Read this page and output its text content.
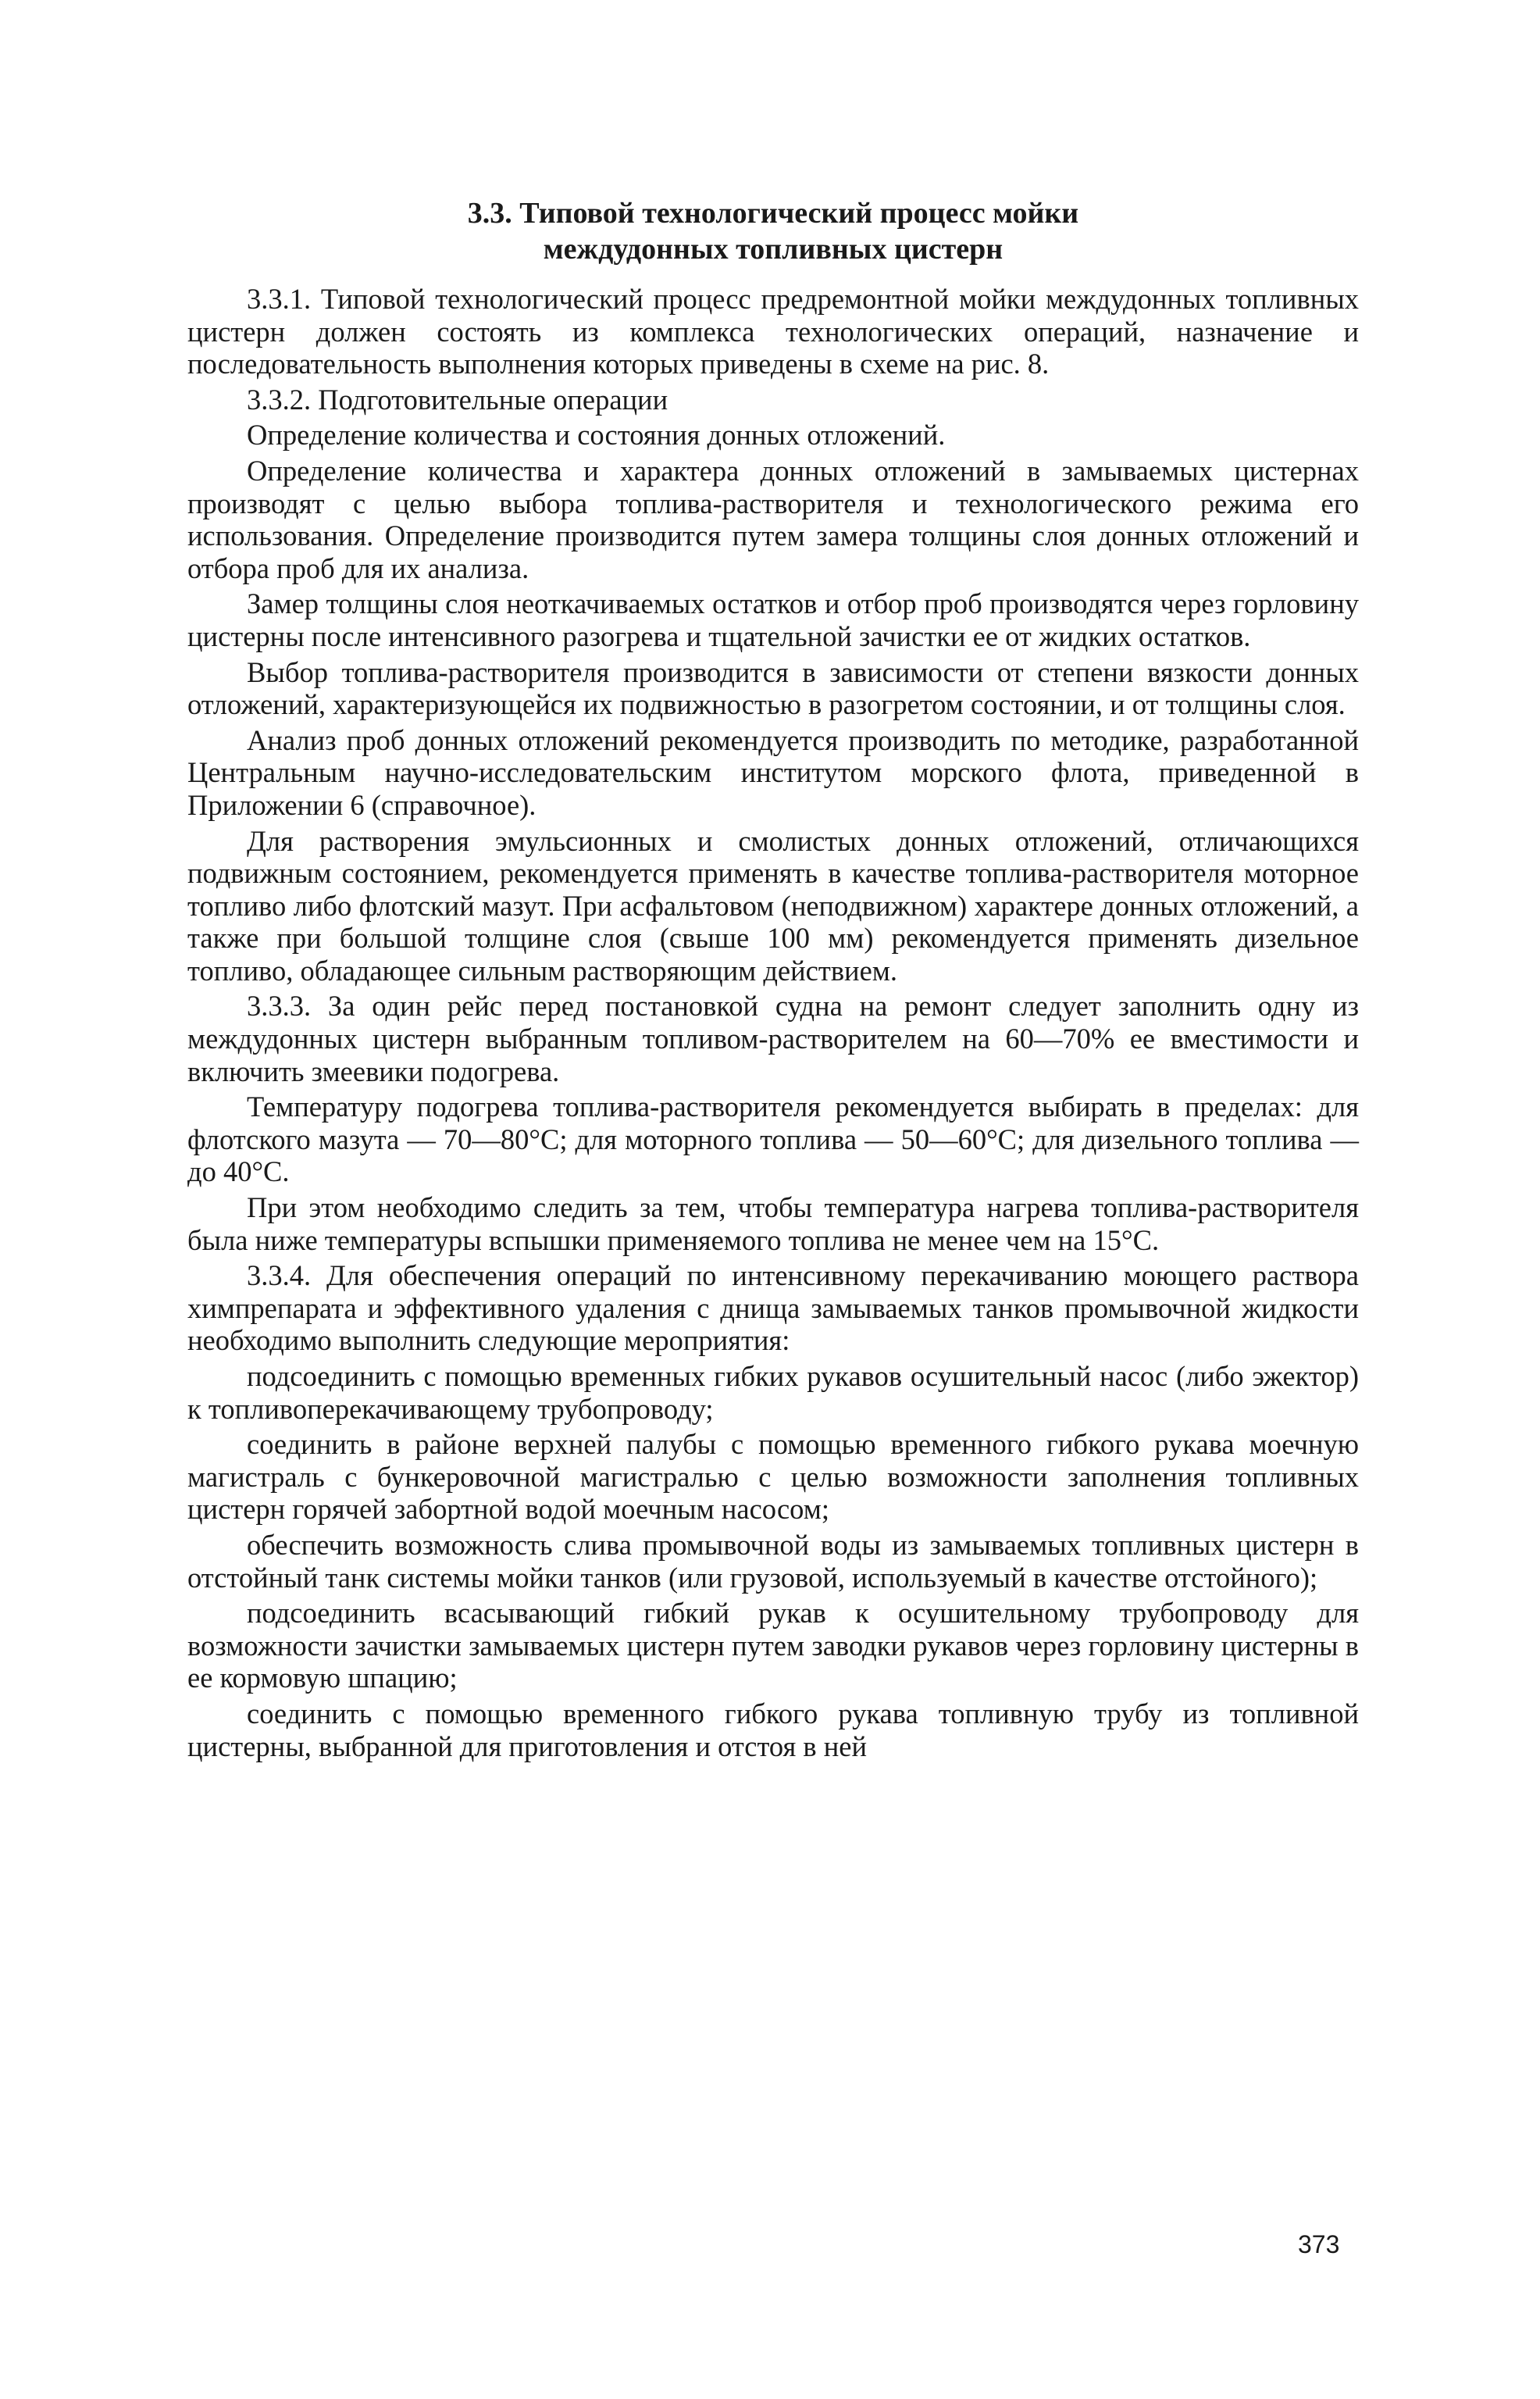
3.3. Типовой технологический процесс мойки
междудонных топливных цистерн

3.3.1. Типовой технологический процесс предремонтной мойки междудонных топливных цистерн должен состоять из комплекса технологических операций, назначение и последовательность выполнения которых приведены в схеме на рис. 8.

3.3.2. Подготовительные операции

Определение количества и состояния донных отложений.

Определение количества и характера донных отложений в замываемых цистернах производят с целью выбора топлива-растворителя и технологического режима его использования. Определение производится путем замера толщины слоя донных отложений и отбора проб для их анализа.

Замер толщины слоя неоткачиваемых остатков и отбор проб производятся через горловину цистерны после интенсивного разогрева и тщательной зачистки ее от жидких остатков.

Выбор топлива-растворителя производится в зависимости от степени вязкости донных отложений, характеризующейся их подвижностью в разогретом состоянии, и от толщины слоя.

Анализ проб донных отложений рекомендуется производить по методике, разработанной Центральным научно-исследовательским институтом морского флота, приведенной в Приложении 6 (справочное).

Для растворения эмульсионных и смолистых донных отложений, отличающихся подвижным состоянием, рекомендуется применять в качестве топлива-растворителя моторное топливо либо флотский мазут. При асфальтовом (неподвижном) характере донных отложений, а также при большой толщине слоя (свыше 100 мм) рекомендуется применять дизельное топливо, обладающее сильным растворяющим действием.

3.3.3. За один рейс перед постановкой судна на ремонт следует заполнить одну из междудонных цистерн выбранным топливом-растворителем на 60—70% ее вместимости и включить змеевики подогрева.

Температуру подогрева топлива-растворителя рекомендуется выбирать в пределах: для флотского мазута — 70—80°С; для моторного топлива — 50—60°С; для дизельного топлива — до 40°С.

При этом необходимо следить за тем, чтобы температура нагрева топлива-растворителя была ниже температуры вспышки применяемого топлива не менее чем на 15°С.

3.3.4. Для обеспечения операций по интенсивному перекачиванию моющего раствора химпрепарата и эффективного удаления с днища замываемых танков промывочной жидкости необходимо выполнить следующие мероприятия:

подсоединить с помощью временных гибких рукавов осушительный насос (либо эжектор) к топливоперекачивающему трубопроводу;

соединить в районе верхней палубы с помощью временного гибкого рукава моечную магистраль с бункеровочной магистралью с целью возможности заполнения топливных цистерн горячей забортной водой моечным насосом;

обеспечить возможность слива промывочной воды из замываемых топливных цистерн в отстойный танк системы мойки танков (или грузовой, используемый в качестве отстойного);

подсоединить всасывающий гибкий рукав к осушительному трубопроводу для возможности зачистки замываемых цистерн путем заводки рукавов через горловину цистерны в ее кормовую шпацию;

соединить с помощью временного гибкого рукава топливную трубу из топливной цистерны, выбранной для приготовления и отстоя в ней

373
